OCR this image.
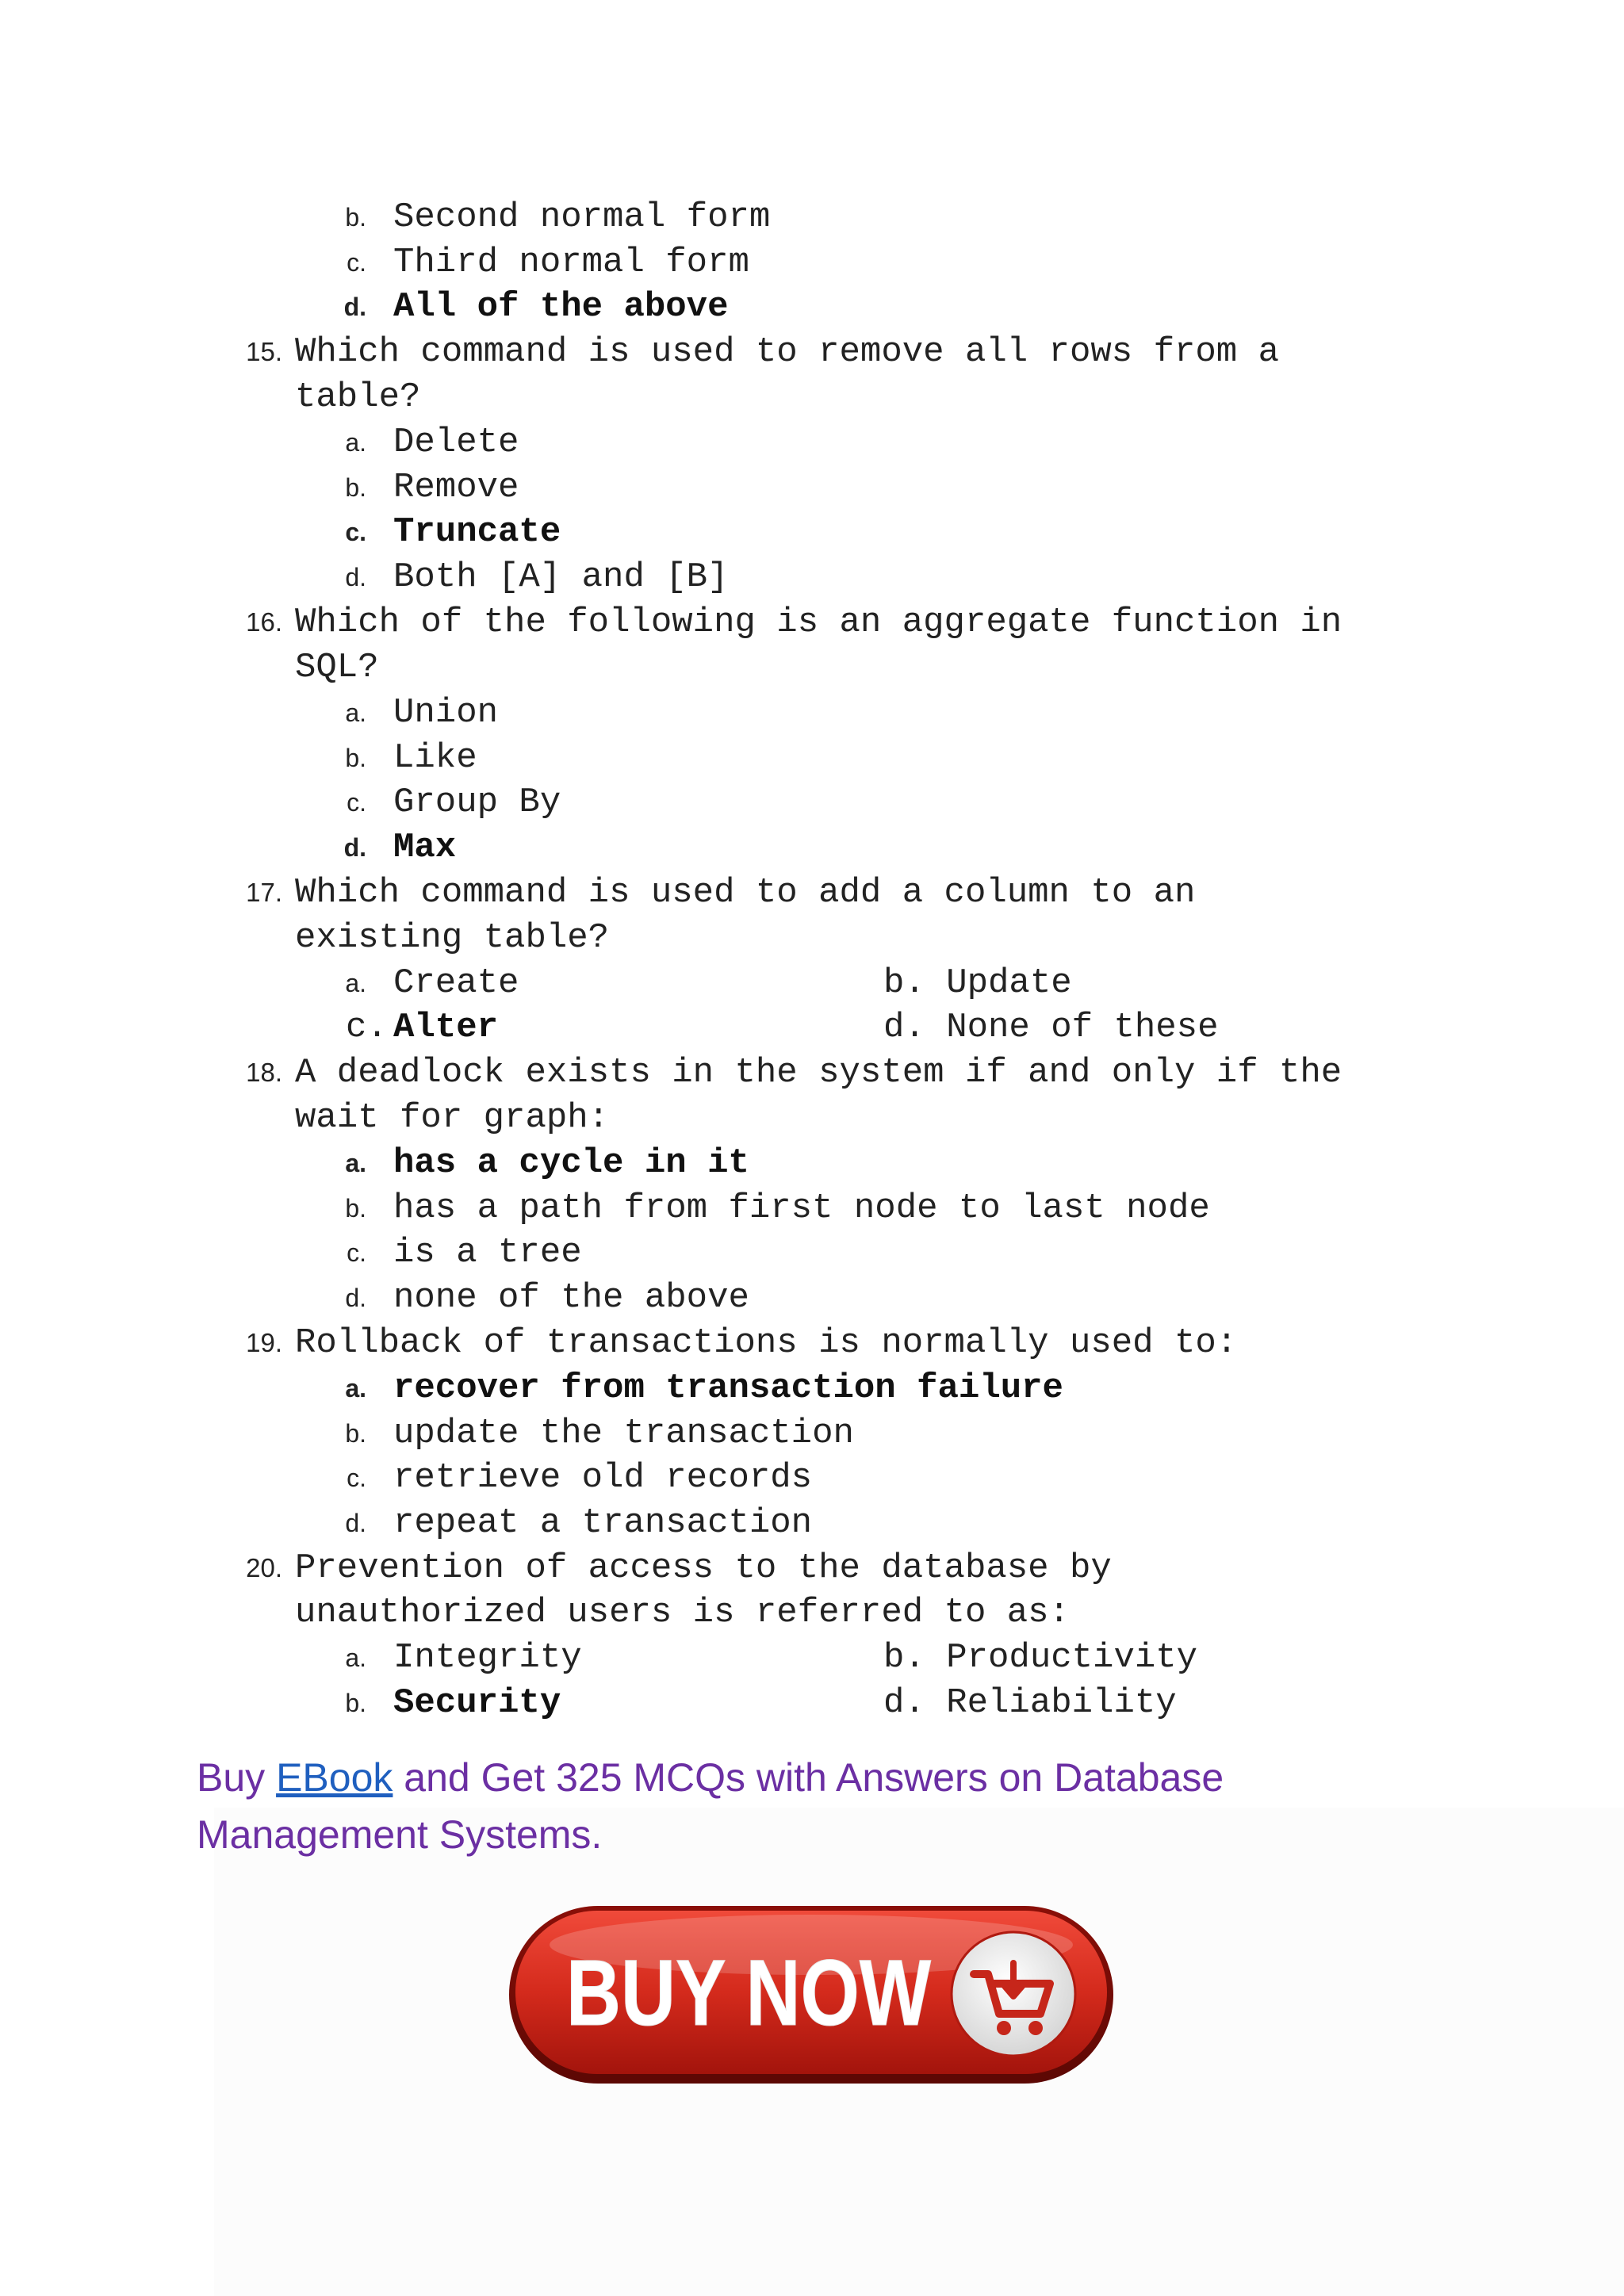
b. Second normal form
c. Third normal form
d. All of the above
15. Which command is used to remove all rows from a
table?
a. Delete
b. Remove
c. Truncate
d. Both [A] and [B]
16. Which of the following is an aggregate function in
SQL?
a. Union
b. Like
c. Group By
d. Max
17. Which command is used to add a column to an
existing table?
a. Create	b. Update
c. Alter	d. None of these
18. A deadlock exists in the system if and only if the
wait for graph:
a. has a cycle in it
b. has a path from first node to last node
c. is a tree
d. none of the above
19. Rollback of transactions is normally used to:
a. recover from transaction failure
b. update the transaction
c. retrieve old records
d. repeat a transaction
20. Prevention of access to the database by
unauthorized users is referred to as:
a. Integrity	b. Productivity
b. Security	d. Reliability
Buy EBook and Get 325 MCQs with Answers on Database
Management Systems.
BUY NOW
